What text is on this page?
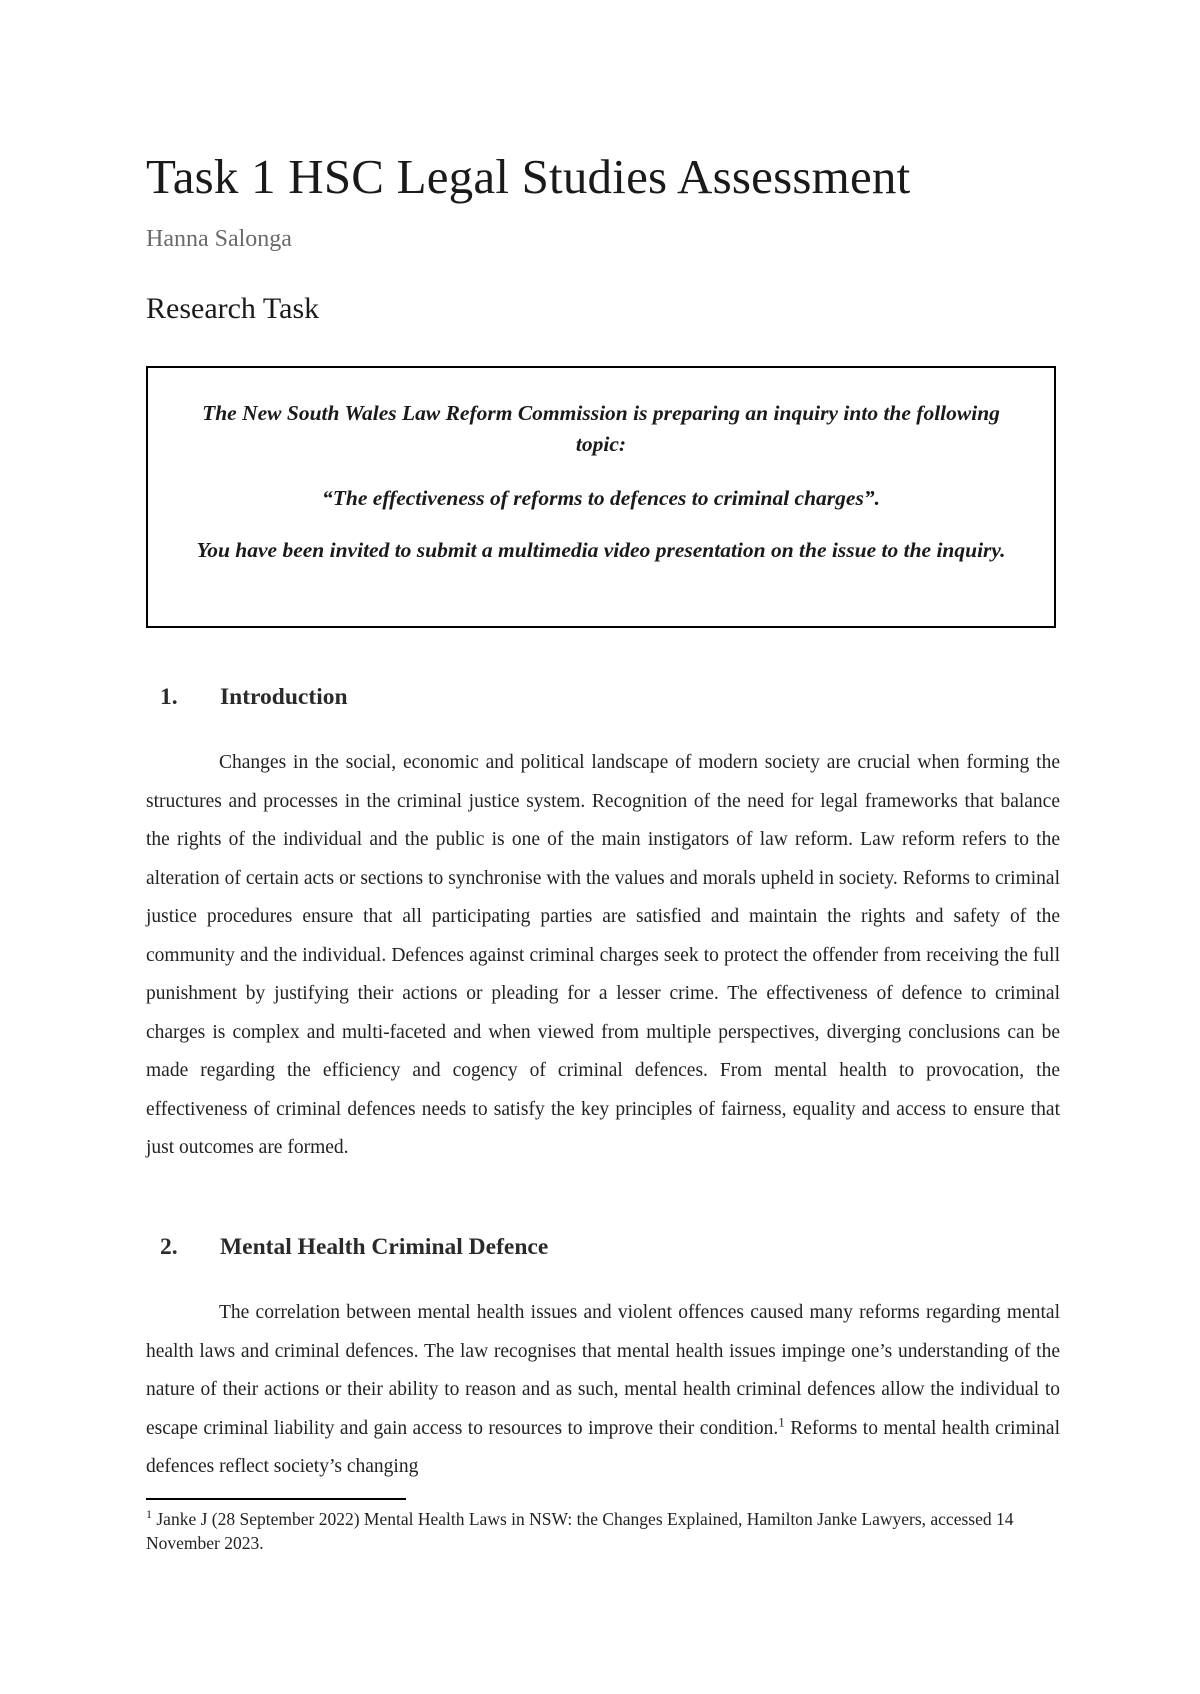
Task 1 HSC Legal Studies Assessment

Hanna Salonga

Research Task

The New South Wales Law Reform Commission is preparing an inquiry into the following topic:

“The effectiveness of reforms to defences to criminal charges”.

You have been invited to submit a multimedia video presentation on the issue to the inquiry.

1. Introduction

Changes in the social, economic and political landscape of modern society are crucial when forming the structures and processes in the criminal justice system. Recognition of the need for legal frameworks that balance the rights of the individual and the public is one of the main instigators of law reform. Law reform refers to the alteration of certain acts or sections to synchronise with the values and morals upheld in society. Reforms to criminal justice procedures ensure that all participating parties are satisfied and maintain the rights and safety of the community and the individual. Defences against criminal charges seek to protect the offender from receiving the full punishment by justifying their actions or pleading for a lesser crime. The effectiveness of defence to criminal charges is complex and multi-faceted and when viewed from multiple perspectives, diverging conclusions can be made regarding the efficiency and cogency of criminal defences. From mental health to provocation, the effectiveness of criminal defences needs to satisfy the key principles of fairness, equality and access to ensure that just outcomes are formed.

2. Mental Health Criminal Defence

The correlation between mental health issues and violent offences caused many reforms regarding mental health laws and criminal defences. The law recognises that mental health issues impinge one’s understanding of the nature of their actions or their ability to reason and as such, mental health criminal defences allow the individual to escape criminal liability and gain access to resources to improve their condition.$^1$ Reforms to mental health criminal defences reflect society’s changing

$^1$ Janke J (28 September 2022) Mental Health Laws in NSW: the Changes Explained, Hamilton Janke Lawyers, accessed 14 November 2023.
